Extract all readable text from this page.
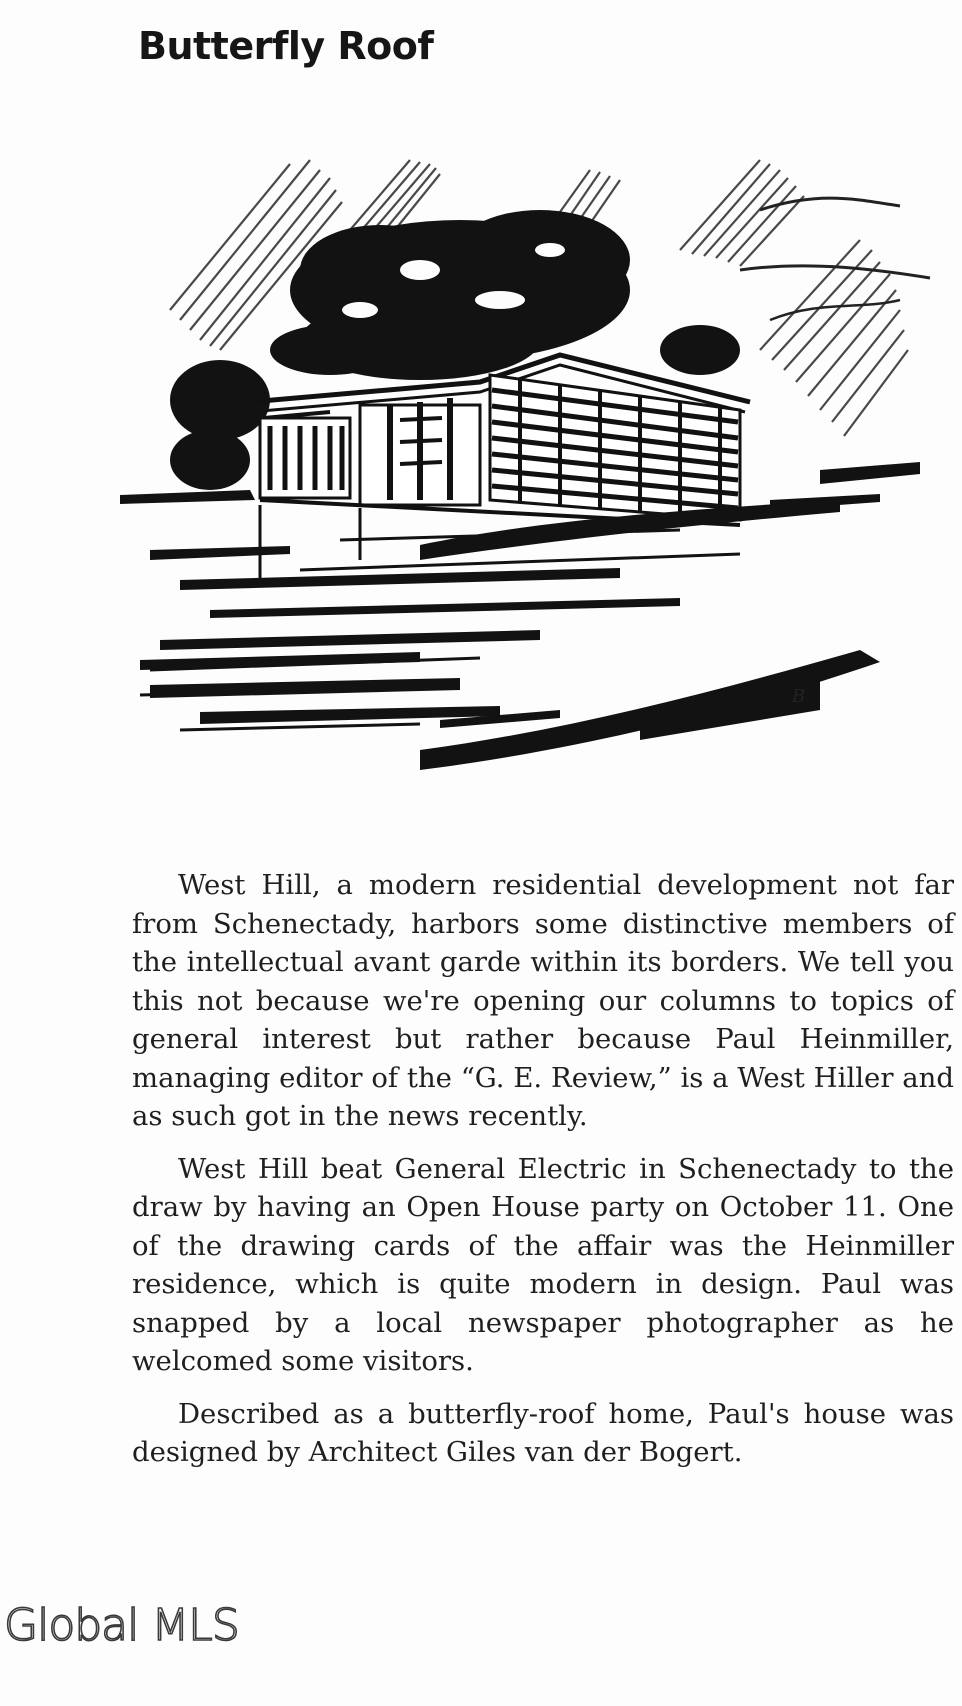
Butterfly Roof
B

West Hill, a modern residential development not far from Schenectady, harbors some distinctive members of the intellectual avant garde within its borders. We tell you this not because we're opening our columns to topics of general interest but rather because Paul Heinmiller, managing editor of the “G. E. Review,” is a West Hiller and as such got in the news recently.

West Hill beat General Electric in Schenectady to the draw by having an Open House party on October 11. One of the drawing cards of the affair was the Heinmiller residence, which is quite modern in design. Paul was snapped by a local newspaper photographer as he welcomed some visitors.

Described as a butterfly-roof home, Paul's house was designed by Architect Giles van der Bogert.

Global MLS
